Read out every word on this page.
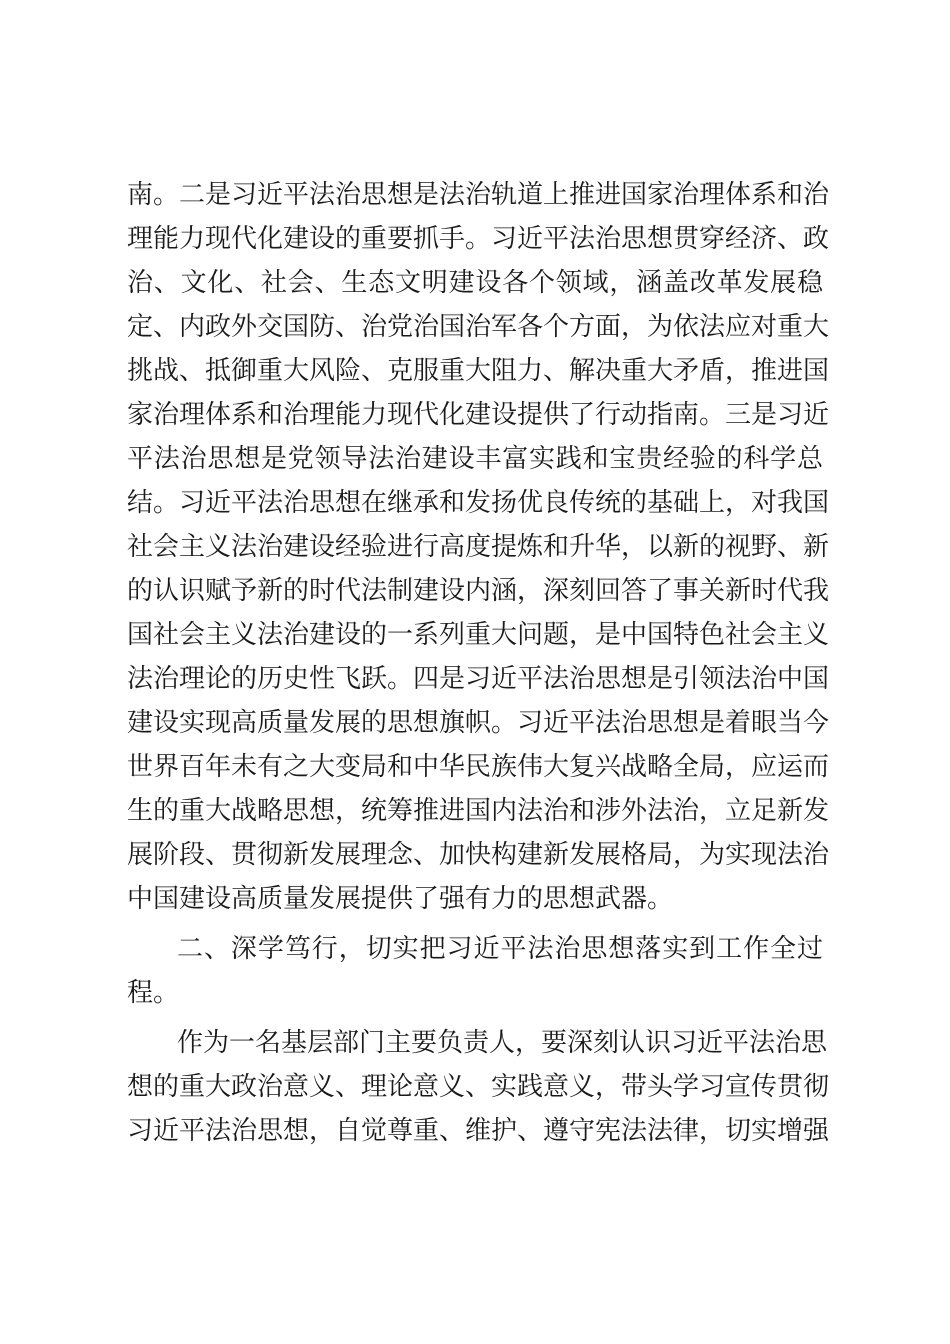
南。二是习近平法治思想是法治轨道上推进国家治理体系和治
理能力现代化建设的重要抓手。习近平法治思想贯穿经济、政
治、文化、社会、生态文明建设各个领域，涵盖改革发展稳
定、内政外交国防、治党治国治军各个方面，为依法应对重大
挑战、抵御重大风险、克服重大阻力、解决重大矛盾，推进国
家治理体系和治理能力现代化建设提供了行动指南。三是习近
平法治思想是党领导法治建设丰富实践和宝贵经验的科学总
结。习近平法治思想在继承和发扬优良传统的基础上，对我国
社会主义法治建设经验进行高度提炼和升华，以新的视野、新
的认识赋予新的时代法制建设内涵，深刻回答了事关新时代我
国社会主义法治建设的一系列重大问题，是中国特色社会主义
法治理论的历史性飞跃。四是习近平法治思想是引领法治中国
建设实现高质量发展的思想旗帜。习近平法治思想是着眼当今
世界百年未有之大变局和中华民族伟大复兴战略全局，应运而
生的重大战略思想，统筹推进国内法治和涉外法治，立足新发
展阶段、贯彻新发展理念、加快构建新发展格局，为实现法治
中国建设高质量发展提供了强有力的思想武器。
二、深学笃行，切实把习近平法治思想落实到工作全过
程。
作为一名基层部门主要负责人，要深刻认识习近平法治思
想的重大政治意义、理论意义、实践意义，带头学习宣传贯彻
习近平法治思想，自觉尊重、维护、遵守宪法法律，切实增强
